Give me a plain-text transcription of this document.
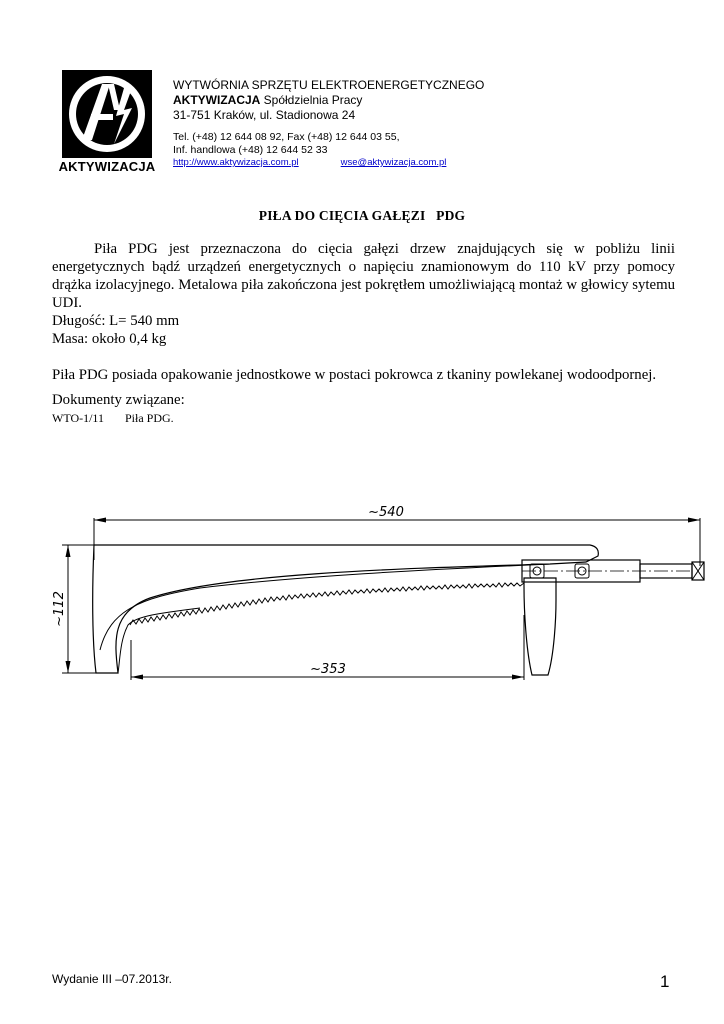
®
AKTYWIZACJA
WYTWÓRNIA SPRZĘTU ELEKTROENERGETYCZNEGO
AKTYWIZACJA Spółdzielnia Pracy
31-751 Kraków, ul. Stadionowa 24
Tel. (+48) 12 644 08 92, Fax (+48) 12 644 03 55,
Inf. handlowa (+48) 12 644 52 33
http://www.aktywizacja.com.pl	wse@aktywizacja.com.pl
PIŁA DO CIĘCIA GAŁĘZI   PDG

Piła PDG jest przeznaczona do cięcia gałęzi drzew znajdujących się w pobliżu linii energetycznych bądź urządzeń energetycznych o napięciu znamionowym do 110 kV przy pomocy drążka izolacyjnego. Metalowa piła zakończona jest pokrętłem umożliwiającą montaż w głowicy sytemu UDI.

Długość: L= 540 mm
Masa: około 0,4 kg
Piła PDG posiada opakowanie jednostkowe w postaci pokrowca z tkaniny powlekanej wodoodpornej.
Dokumenty związane:
WTO-1/11 Piła PDG.
~540
~112
~353
Wydanie III –07.2013r.	1
